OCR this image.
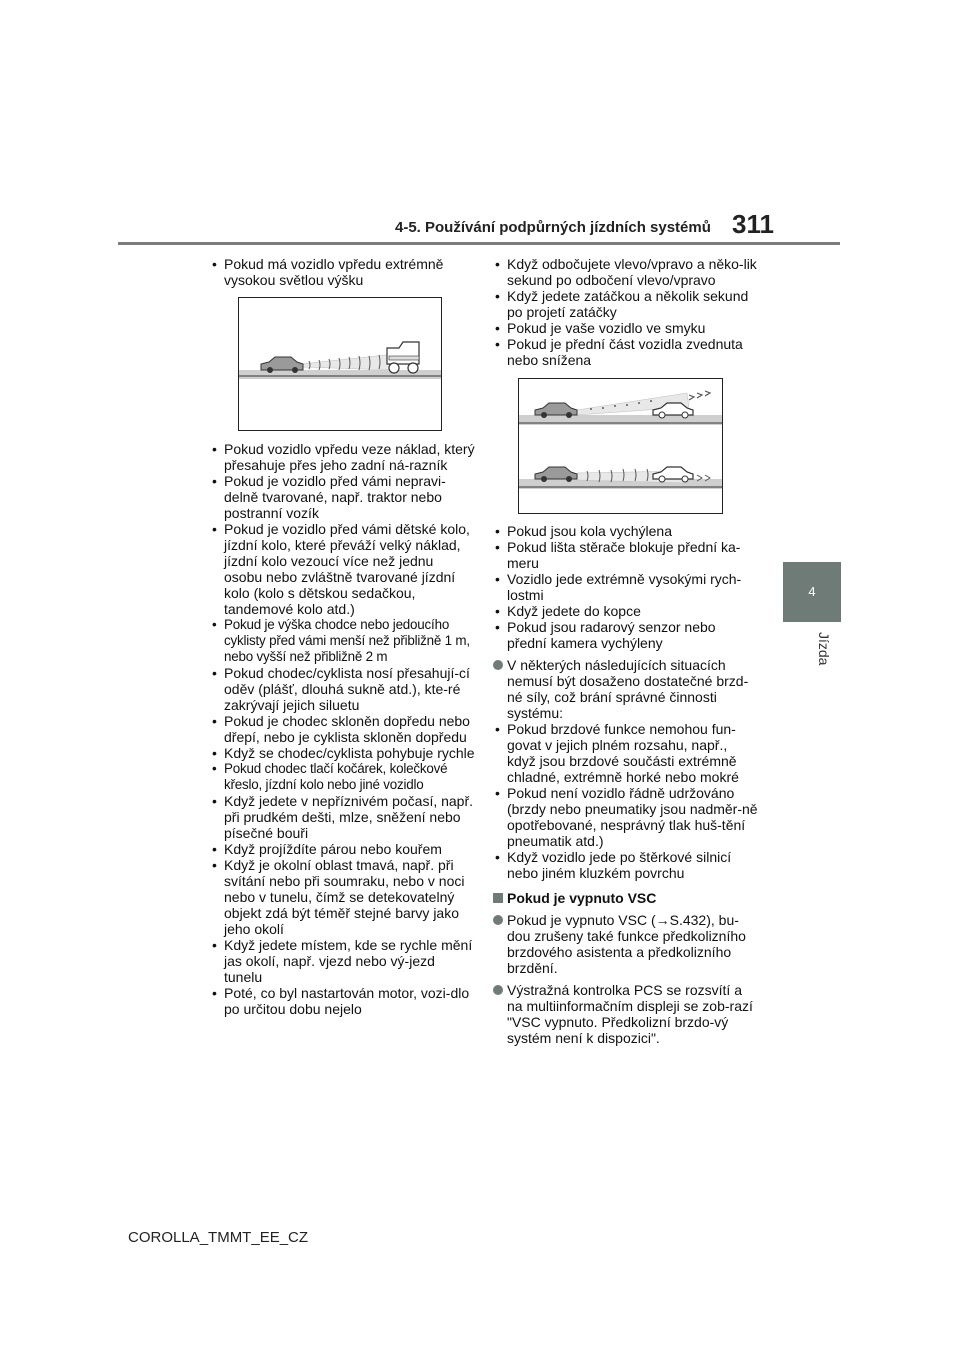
4-5. Používání podpůrných jízdních systémů 311
4
Jízda
• Pokud má vozidlo vpředu extrémně vysokou světlou výšku
• Pokud vozidlo vpředu veze náklad, který přesahuje přes jeho zadní ná-razník
• Pokud je vozidlo před vámi nepravi-delně tvarované, např. traktor nebo postranní vozík
• Pokud je vozidlo před vámi dětské kolo, jízdní kolo, které převáží velký náklad, jízdní kolo vezoucí více než jednu osobu nebo zvláštně tvarované jízdní kolo (kolo s dětskou sedačkou, tandemové kolo atd.)
• Pokud je výška chodce nebo jedoucího cyklisty před vámi menší než přibližně 1 m, nebo vyšší než přibližně 2 m
• Pokud chodec/cyklista nosí přesahují-cí oděv (plášť, dlouhá sukně atd.), kte-ré zakrývají jejich siluetu
• Pokud je chodec skloněn dopředu nebo dřepí, nebo je cyklista skloněn dopředu
• Když se chodec/cyklista pohybuje rychle
• Pokud chodec tlačí kočárek, kolečkové křeslo, jízdní kolo nebo jiné vozidlo
• Když jedete v nepříznivém počasí, např. při prudkém dešti, mlze, sněžení nebo písečné bouři
• Když projíždíte párou nebo kouřem
• Když je okolní oblast tmavá, např. při svítání nebo při soumraku, nebo v noci nebo v tunelu, čímž se detekovatelný objekt zdá být téměř stejné barvy jako jeho okolí
• Když jedete místem, kde se rychle mění jas okolí, např. vjezd nebo vý-jezd tunelu
• Poté, co byl nastartován motor, vozi-dlo po určitou dobu nejelo
• Když odbočujete vlevo/vpravo a něko-lik sekund po odbočení vlevo/vpravo
• Když jedete zatáčkou a několik sekund po projetí zatáčky
• Pokud je vaše vozidlo ve smyku
• Pokud je přední část vozidla zvednuta nebo snížena
• Pokud jsou kola vychýlena
• Pokud lišta stěrače blokuje přední ka-meru
• Vozidlo jede extrémně vysokými rych-lostmi
• Když jedete do kopce
• Pokud jsou radarový senzor nebo přední kamera vychýleny
V některých následujících situacích nemusí být dosaženo dostatečné brzd-né síly, což brání správné činnosti systému:
• Pokud brzdové funkce nemohou fun-govat v jejich plném rozsahu, např., když jsou brzdové součásti extrémně chladné, extrémně horké nebo mokré
• Pokud není vozidlo řádně udržováno (brzdy nebo pneumatiky jsou nadměr-ně opotřebované, nesprávný tlak huš-tění pneumatik atd.)
• Když vozidlo jede po štěrkové silnicí nebo jiném kluzkém povrchu
Pokud je vypnuto VSC
Pokud je vypnuto VSC (→S.432), bu-dou zrušeny také funkce předkolizního brzdového asistenta a předkolizního brzdění.
Výstražná kontrolka PCS se rozsvítí a na multiinformačním displeji se zob-razí "VSC vypnuto. Předkolizní brzdo-vý systém není k dispozici".
COROLLA_TMMT_EE_CZ
